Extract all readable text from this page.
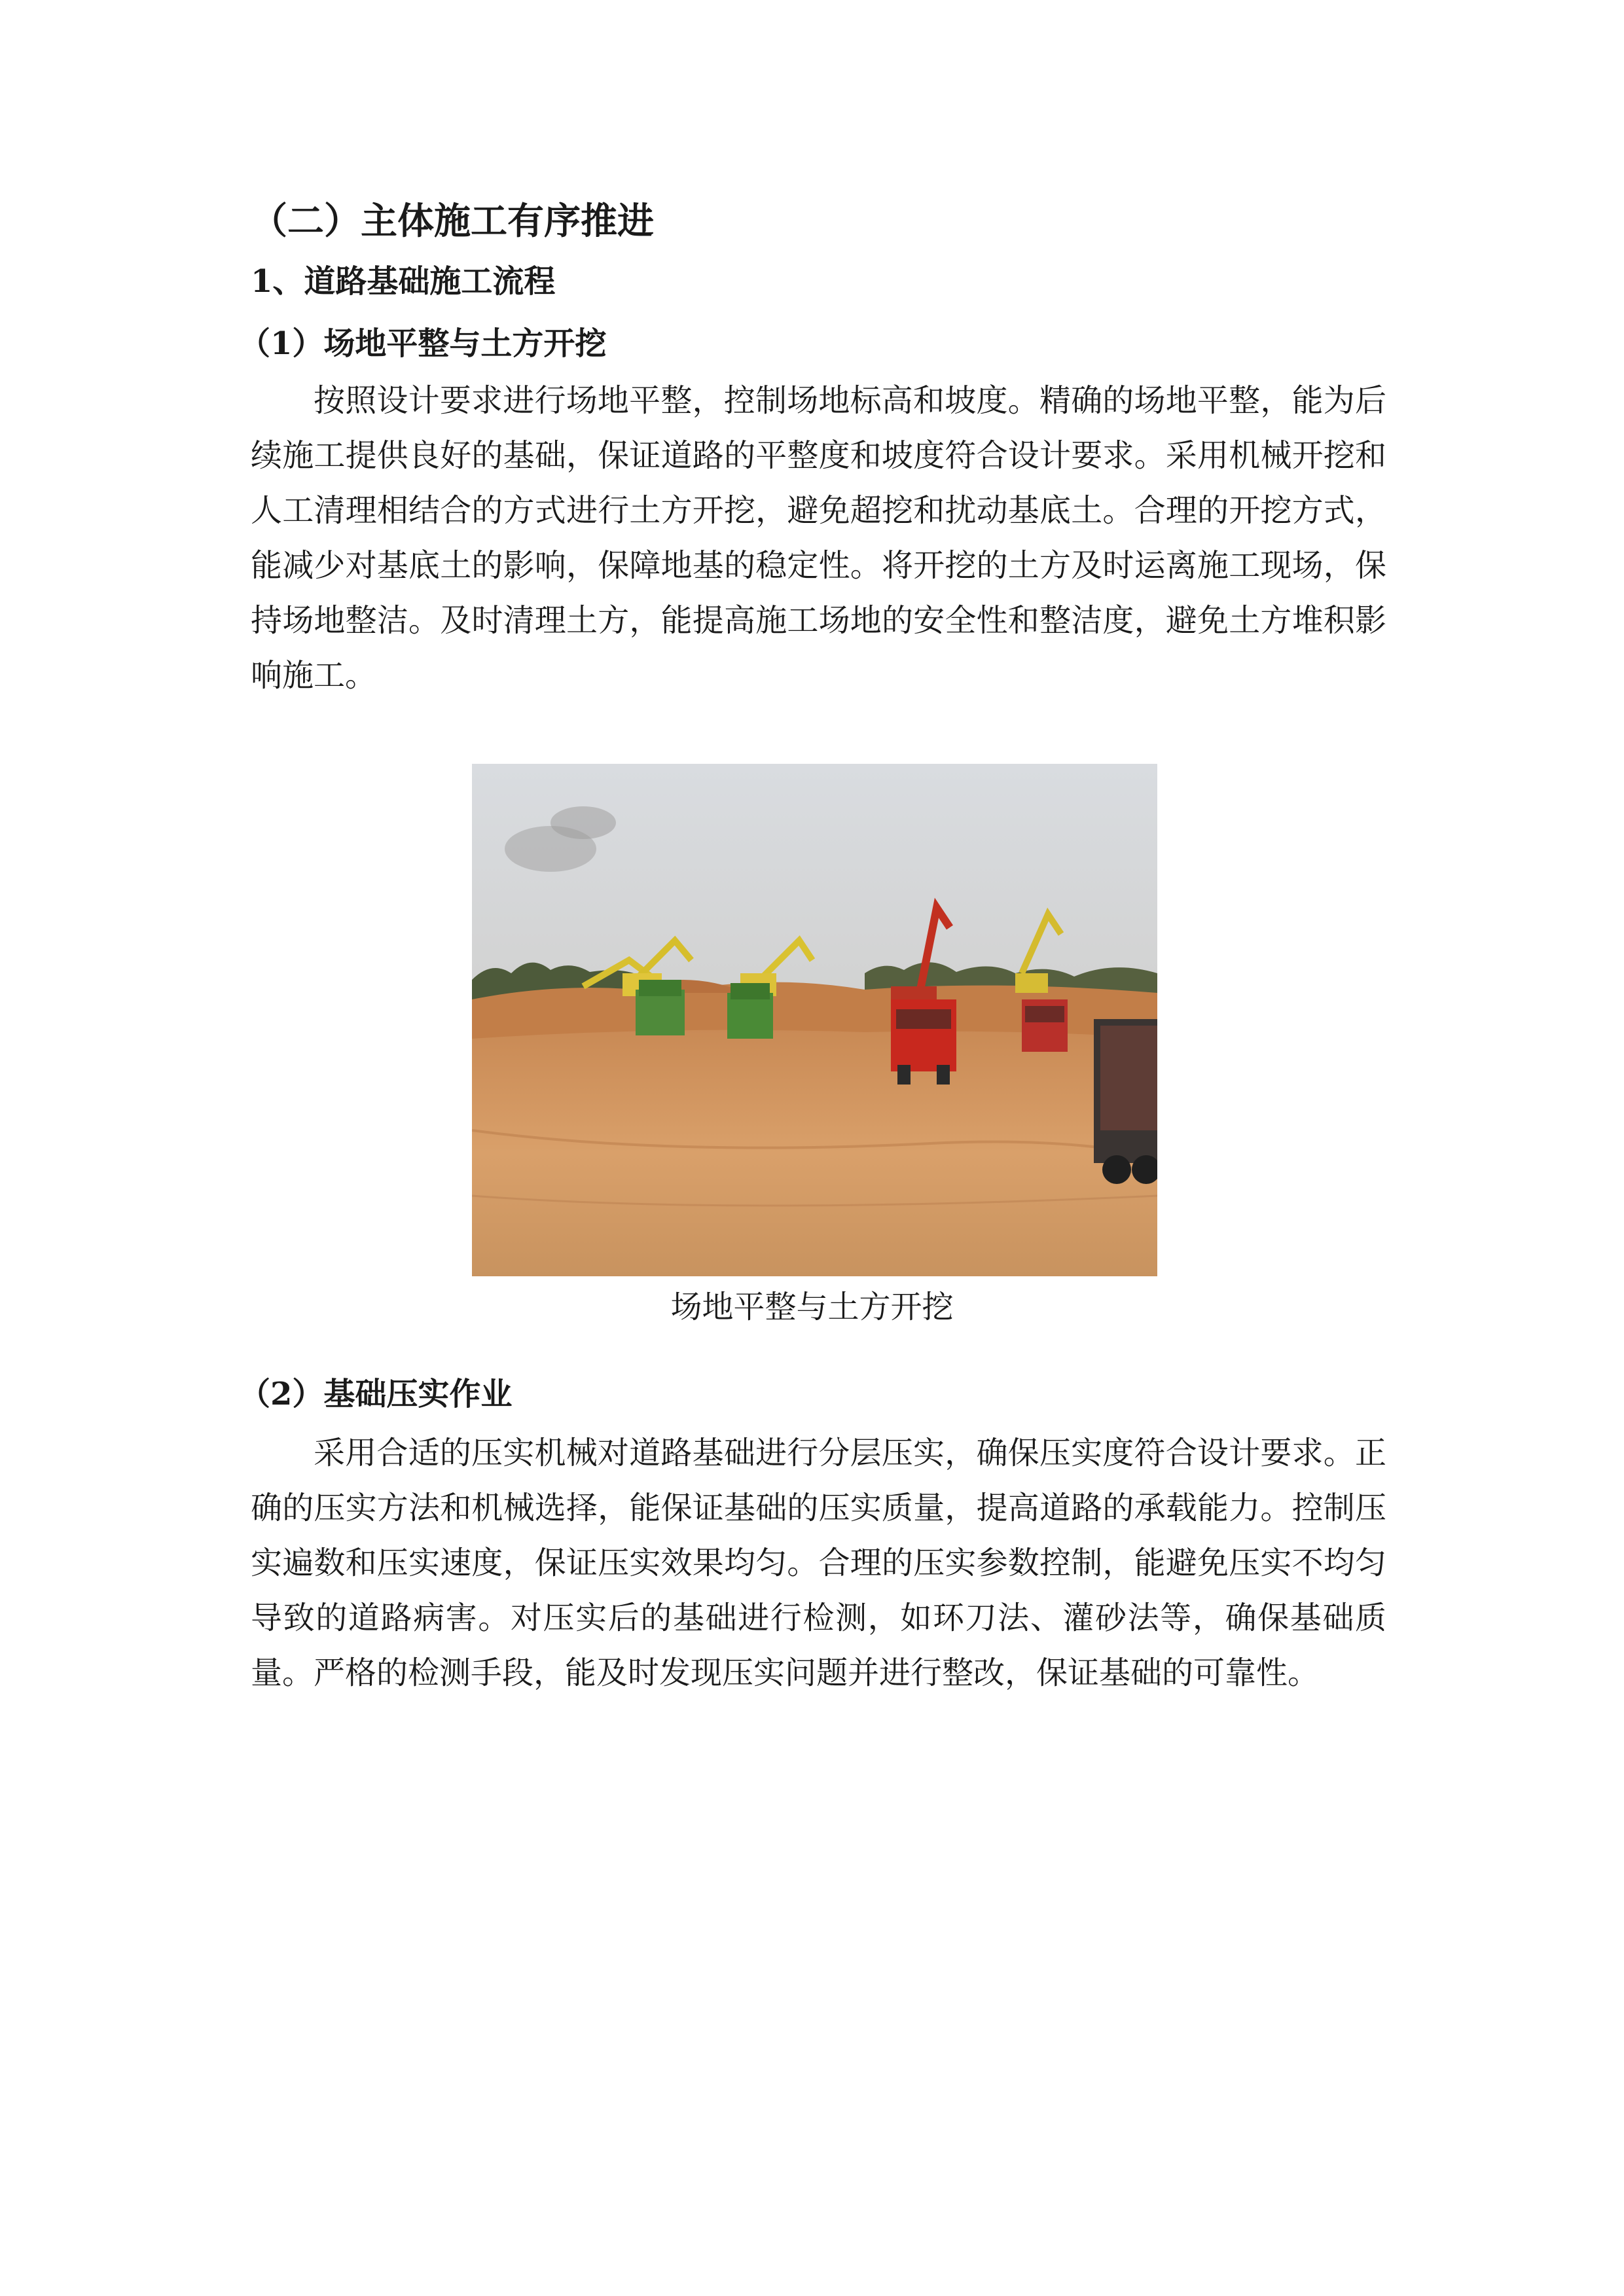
（二）主体施工有序推进
1、道路基础施工流程
（1）场地平整与土方开挖

按照设计要求进行场地平整，控制场地标高和坡度。精确的场地平整，能为后续施工提供良好的基础，保证道路的平整度和坡度符合设计要求。采用机械开挖和人工清理相结合的方式进行土方开挖，避免超挖和扰动基底土。合理的开挖方式，能减少对基底土的影响，保障地基的稳定性。将开挖的土方及时运离施工现场，保持场地整洁。及时清理土方，能提高施工场地的安全性和整洁度，避免土方堆积影响施工。

场地平整与土方开挖

（2）基础压实作业

采用合适的压实机械对道路基础进行分层压实，确保压实度符合设计要求。正确的压实方法和机械选择，能保证基础的压实质量，提高道路的承载能力。控制压实遍数和压实速度，保证压实效果均匀。合理的压实参数控制，能避免压实不均匀导致的道路病害。对压实后的基础进行检测，如环刀法、灌砂法等，确保基础质量。严格的检测手段，能及时发现压实问题并进行整改，保证基础的可靠性。
